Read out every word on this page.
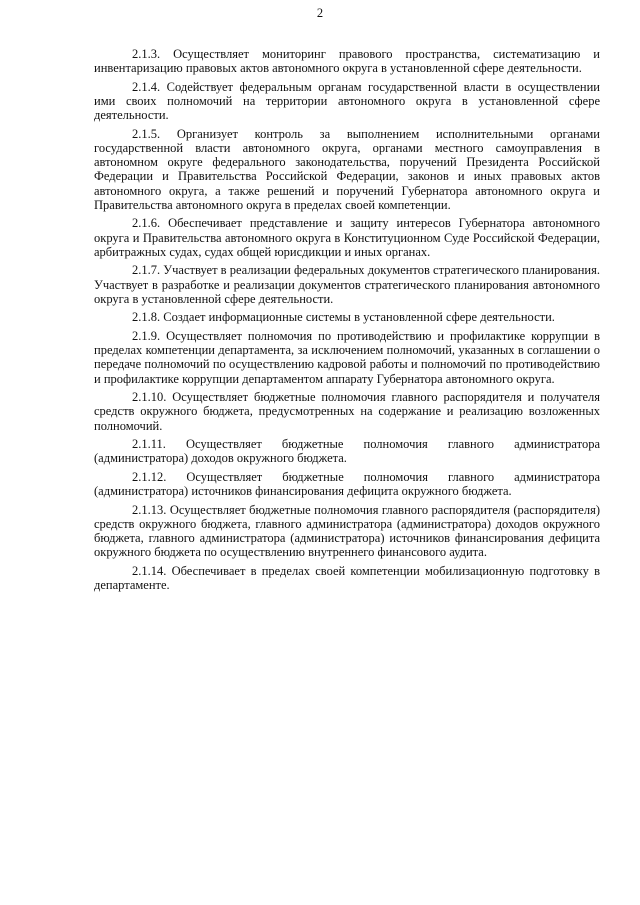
2

2.1.3. Осуществляет мониторинг правового пространства, систематизацию и инвентаризацию правовых актов автономного округа в установленной сфере деятельности.

2.1.4. Содействует федеральным органам государственной власти в осуществлении ими своих полномочий на территории автономного округа в установленной сфере деятельности.

2.1.5. Организует контроль за выполнением исполнительными органами государственной власти автономного округа, органами местного самоуправления в автономном округе федерального законодательства, поручений Президента Российской Федерации и Правительства Российской Федерации, законов и иных правовых актов автономного округа, а также решений и поручений Губернатора автономного округа и Правительства автономного округа в пределах своей компетенции.

2.1.6. Обеспечивает представление и защиту интересов Губернатора автономного округа и Правительства автономного округа в Конституционном Суде Российской Федерации, арбитражных судах, судах общей юрисдикции и иных органах.

2.1.7. Участвует в реализации федеральных документов стратегического планирования. Участвует в разработке и реализации документов стратегического планирования автономного округа в установленной сфере деятельности.

2.1.8. Создает информационные системы в установленной сфере деятельности.

2.1.9. Осуществляет полномочия по противодействию и профилактике коррупции в пределах компетенции департамента, за исключением полномочий, указанных в соглашении о передаче полномочий по осуществлению кадровой работы и полномочий по противодействию и профилактике коррупции департаментом аппарату Губернатора автономного округа.

2.1.10. Осуществляет бюджетные полномочия главного распорядителя и получателя средств окружного бюджета, предусмотренных на содержание и реализацию возложенных полномочий.

2.1.11. Осуществляет бюджетные полномочия главного администратора (администратора) доходов окружного бюджета.

2.1.12. Осуществляет бюджетные полномочия главного администратора (администратора) источников финансирования дефицита окружного бюджета.

2.1.13. Осуществляет бюджетные полномочия главного распорядителя (распорядителя) средств окружного бюджета, главного администратора (администратора) доходов окружного бюджета, главного администратора (администратора) источников финансирования дефицита окружного бюджета по осуществлению внутреннего финансового аудита.

2.1.14. Обеспечивает в пределах своей компетенции мобилизационную подготовку в департаменте.
